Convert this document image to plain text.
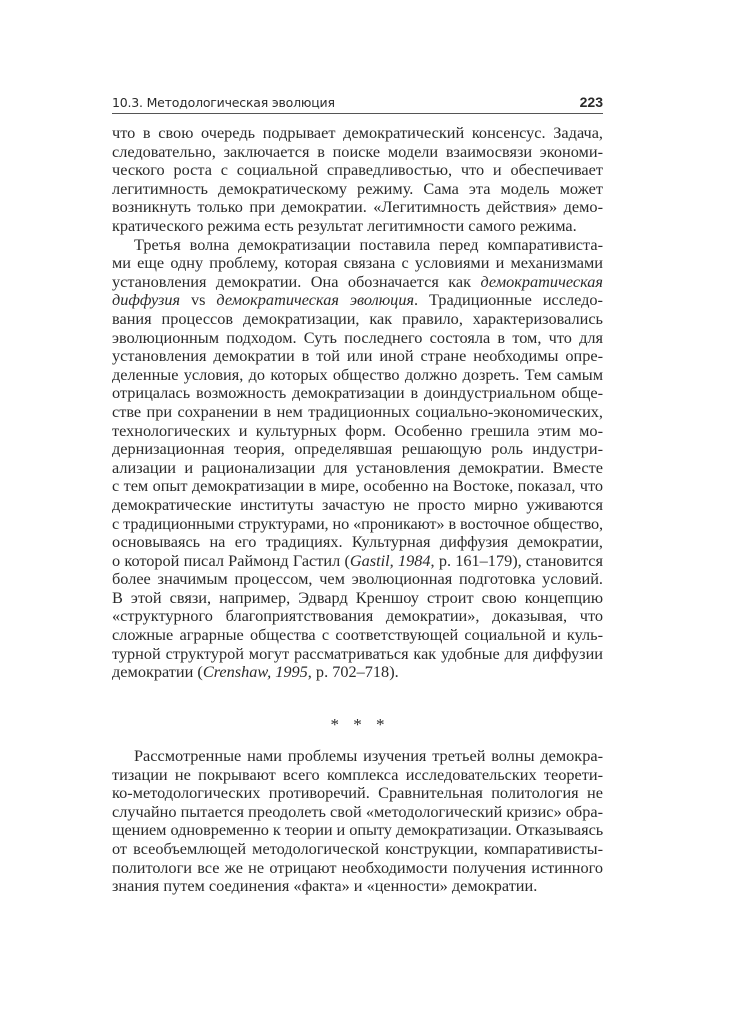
10.3. Методологическая эволюция	223
что в свою очередь подрывает демократический консенсус. Задача,
следовательно, заключается в поиске модели взаимосвязи экономи-
ческого роста с социальной справедливостью, что и обеспечивает
легитимность демократическому режиму. Сама эта модель может
возникнуть только при демократии. «Легитимность действия» демо-
кратического режима есть результат легитимности самого режима.
Третья волна демократизации поставила перед компаративиста-
ми еще одну проблему, которая связана с условиями и механизмами
установления демократии. Она обозначается как демократическая
диффузия vs демократическая эволюция. Традиционные исследо-
вания процессов демократизации, как правило, характеризовались
эволюционным подходом. Суть последнего состояла в том, что для
установления демократии в той или иной стране необходимы опре-
деленные условия, до которых общество должно дозреть. Тем самым
отрицалась возможность демократизации в доиндустриальном обще-
стве при сохранении в нем традиционных социально-экономических,
технологических и культурных форм. Особенно грешила этим мо-
дернизационная теория, определявшая решающую роль индустри-
ализации и рационализации для установления демократии. Вместе
с тем опыт демократизации в мире, особенно на Востоке, показал, что
демократические институты зачастую не просто мирно уживаются
с традиционными структурами, но «проникают» в восточное общество,
основываясь на его традициях. Культурная диффузия демократии,
о которой писал Раймонд Гастил (Gastil, 1984, p. 161–179), становится
более значимым процессом, чем эволюционная подготовка условий.
В этой связи, например, Эдвард Креншоу строит свою концепцию
«структурного благоприятствования демократии», доказывая, что
сложные аграрные общества с соответствующей социальной и куль-
турной структурой могут рассматриваться как удобные для диффузии
демократии (Crenshaw, 1995, p. 702–718).
* * *
Рассмотренные нами проблемы изучения третьей волны демокра-
тизации не покрывают всего комплекса исследовательских теорети-
ко-методологических противоречий. Сравнительная политология не
случайно пытается преодолеть свой «методологический кризис» обра-
щением одновременно к теории и опыту демократизации. Отказываясь
от всеобъемлющей методологической конструкции, компаративисты-
политологи все же не отрицают необходимости получения истинного
знания путем соединения «факта» и «ценности» демократии.
